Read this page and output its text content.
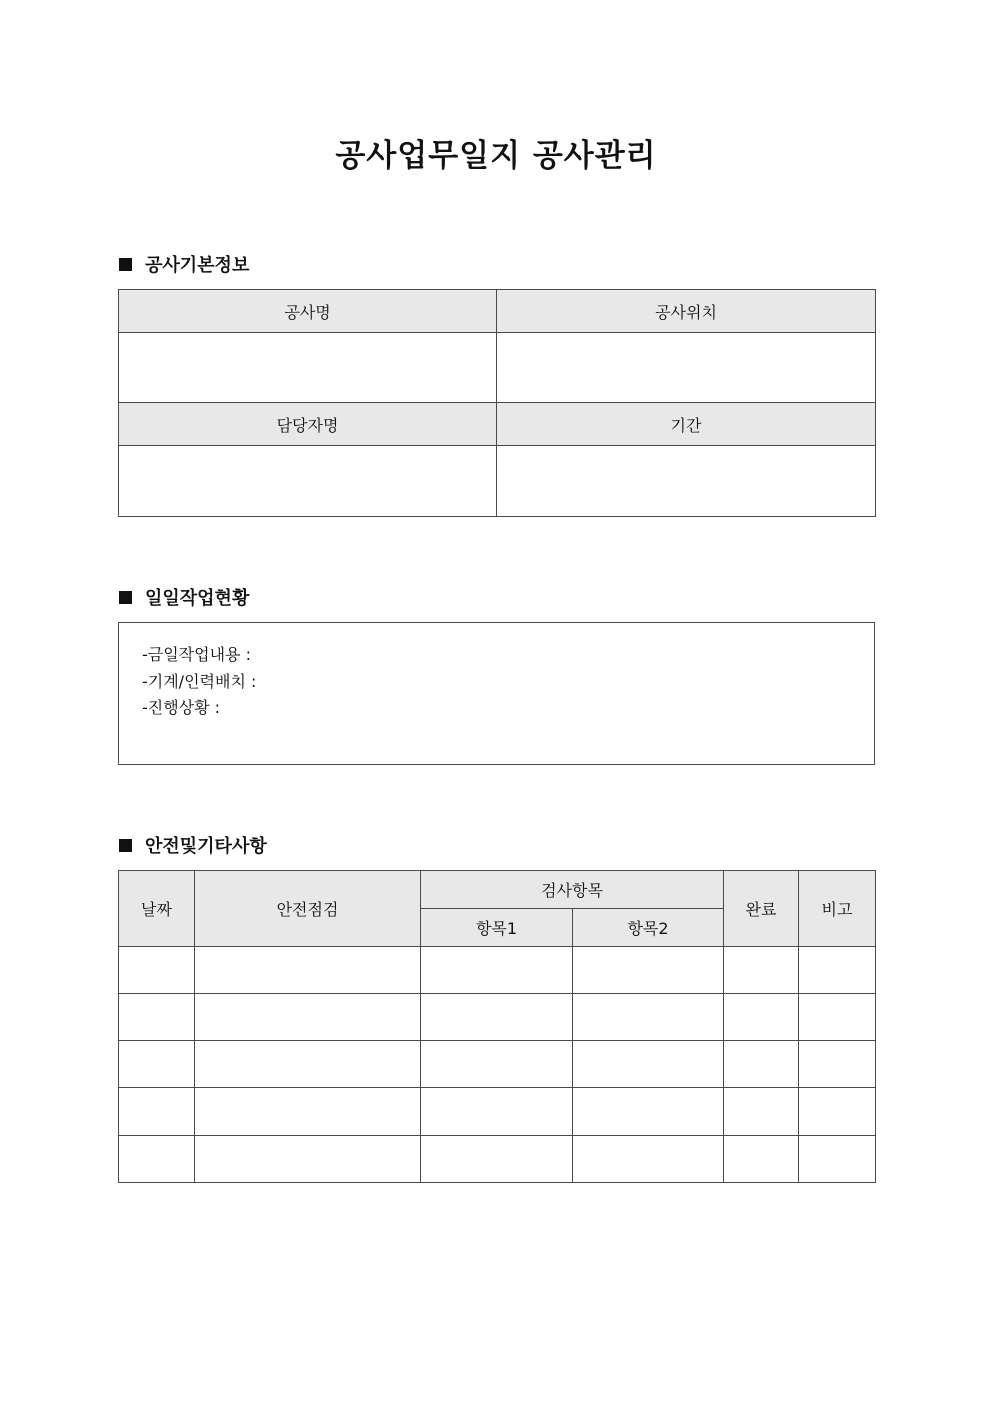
공사업무일지 공사관리
공사기본정보
공사명	공사위치

담당자명	기간

일일작업현황
-금일작업내용 :
-기계/인력배치 :
-진행상황 :
안전및기타사항
날짜	안전점검	검사항목		완료	비고
		항목1	항목2		
